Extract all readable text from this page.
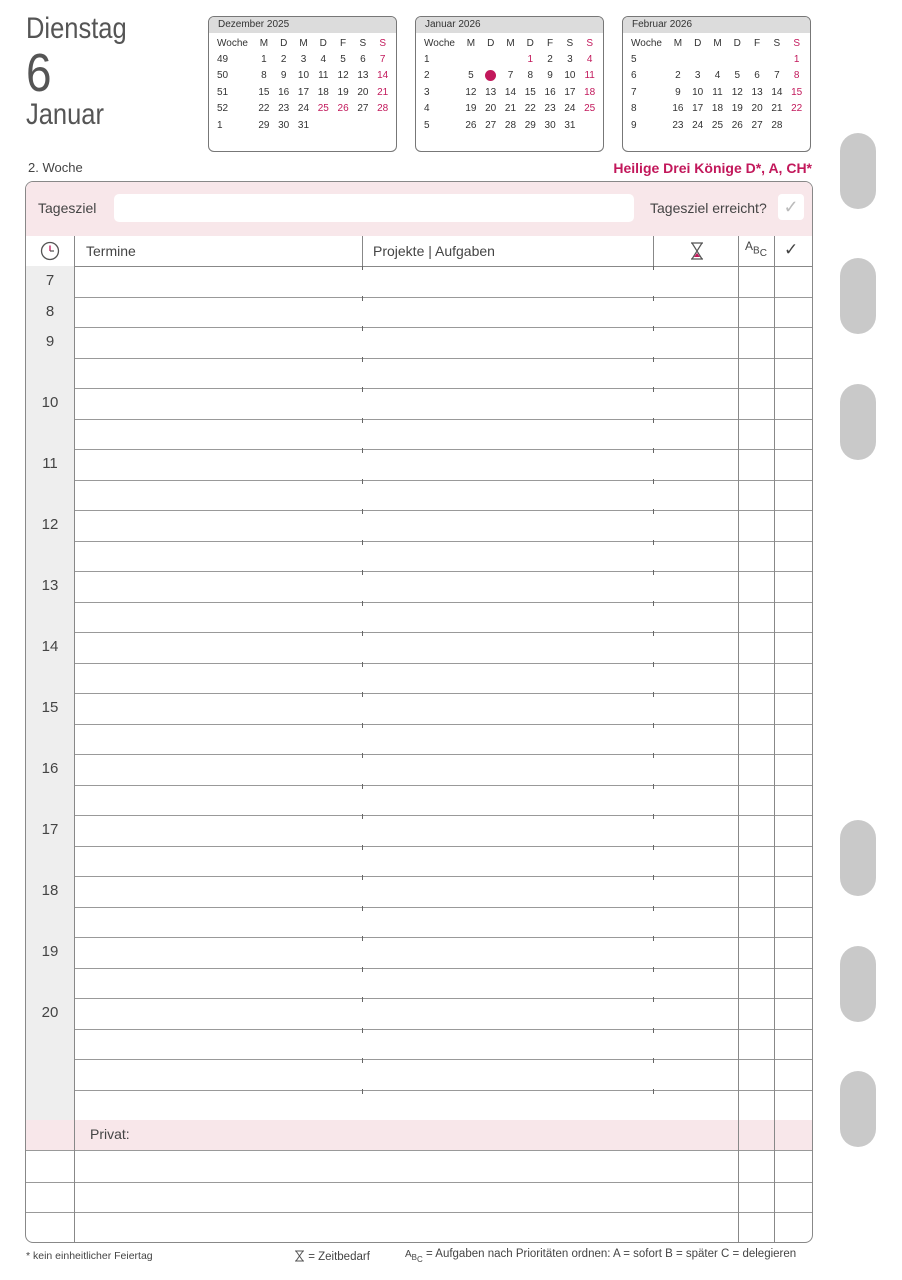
Dienstag
6
Januar
Dezember 2025
Woche	M	D	M	D	F	S	S
49	1	2	3	4	5	6	7
50	8	9	10	11	12	13	14
51	15	16	17	18	19	20	21
52	22	23	24	25	26	27	28
1	29	30	31				
Januar 2026
Woche	M	D	M	D	F	S	S
1				1	2	3	4
2	5		7	8	9	10	11
3	12	13	14	15	16	17	18
4	19	20	21	22	23	24	25
5	26	27	28	29	30	31	
Februar 2026
Woche	M	D	M	D	F	S	S
5							1
6	2	3	4	5	6	7	8
7	9	10	11	12	13	14	15
8	16	17	18	19	20	21	22
9	23	24	25	26	27	28	
2. Woche	Heilige Drei Könige D*, A, CH*
Tagesziel	Tagesziel erreicht? ✓
Termine	Projekte | Aufgaben	$A_{BC}$ ✓
7
8
9
10
11
12
13
14
15
16
17
18
19
20
Privat:
* kein einheitlicher Feiertag	= Zeitbedarf	$A_{BC}$ = Aufgaben nach Prioritäten ordnen: A = sofort B = später C = delegieren
